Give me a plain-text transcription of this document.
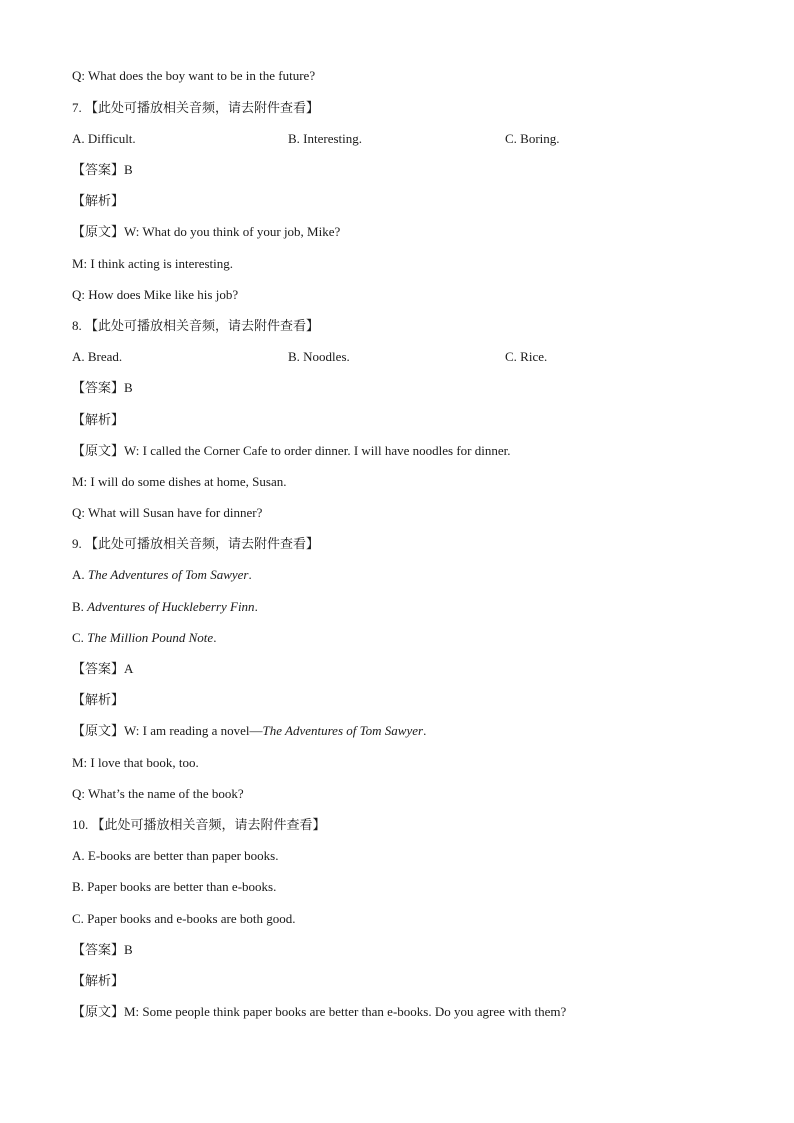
Q: What does the boy want to be in the future?
7. 【此处可播放相关音频，请去附件查看】
A. Difficult.	B. Interesting.	C. Boring.
【答案】B
【解析】
【原文】W: What do you think of your job, Mike?
M: I think acting is interesting.
Q: How does Mike like his job?
8. 【此处可播放相关音频，请去附件查看】
A. Bread.	B. Noodles.	C. Rice.
【答案】B
【解析】
【原文】W: I called the Corner Cafe to order dinner. I will have noodles for dinner.
M: I will do some dishes at home, Susan.
Q: What will Susan have for dinner?
9. 【此处可播放相关音频，请去附件查看】
A. The Adventures of Tom Sawyer.
B. Adventures of Huckleberry Finn.
C. The Million Pound Note.
【答案】A
【解析】
【原文】W: I am reading a novel—The Adventures of Tom Sawyer.
M: I love that book, too.
Q: What’s the name of the book?
10. 【此处可播放相关音频，请去附件查看】
A. E-books are better than paper books.
B. Paper books are better than e-books.
C. Paper books and e-books are both good.
【答案】B
【解析】
【原文】M: Some people think paper books are better than e-books. Do you agree with them?
